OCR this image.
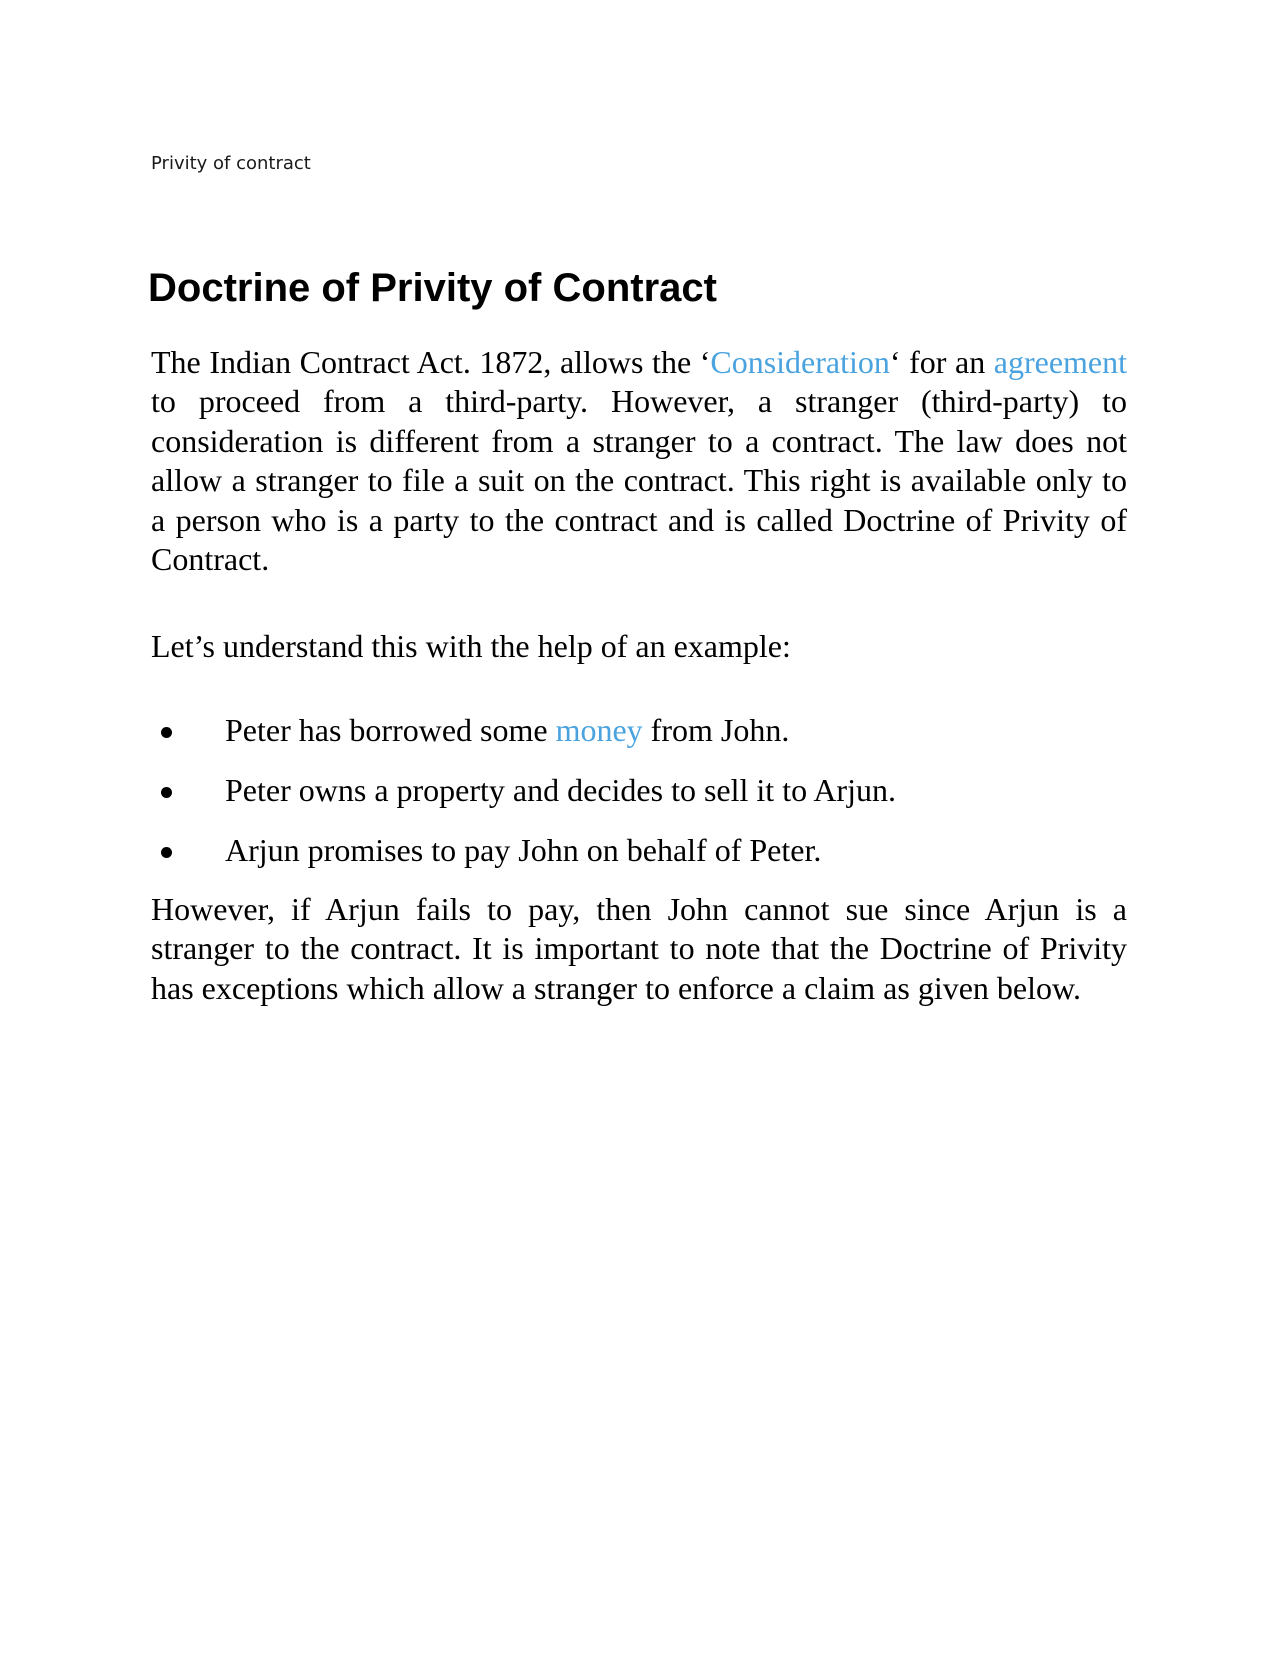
Privity of contract
Doctrine of Privity of Contract

The Indian Contract Act. 1872, allows the ‘Consideration‘ for an agreement to proceed from a third-party. However, a stranger (third-party) to consideration is different from a stranger to a contract. The law does not allow a stranger to file a suit on the contract. This right is available only to a person who is a party to the contract and is called Doctrine of Privity of Contract.

Let’s understand this with the help of an example:

Peter has borrowed some money from John.
Peter owns a property and decides to sell it to Arjun.
Arjun promises to pay John on behalf of Peter.

However, if Arjun fails to pay, then John cannot sue since Arjun is a stranger to the contract. It is important to note that the Doctrine of Privity has exceptions which allow a stranger to enforce a claim as given below.
